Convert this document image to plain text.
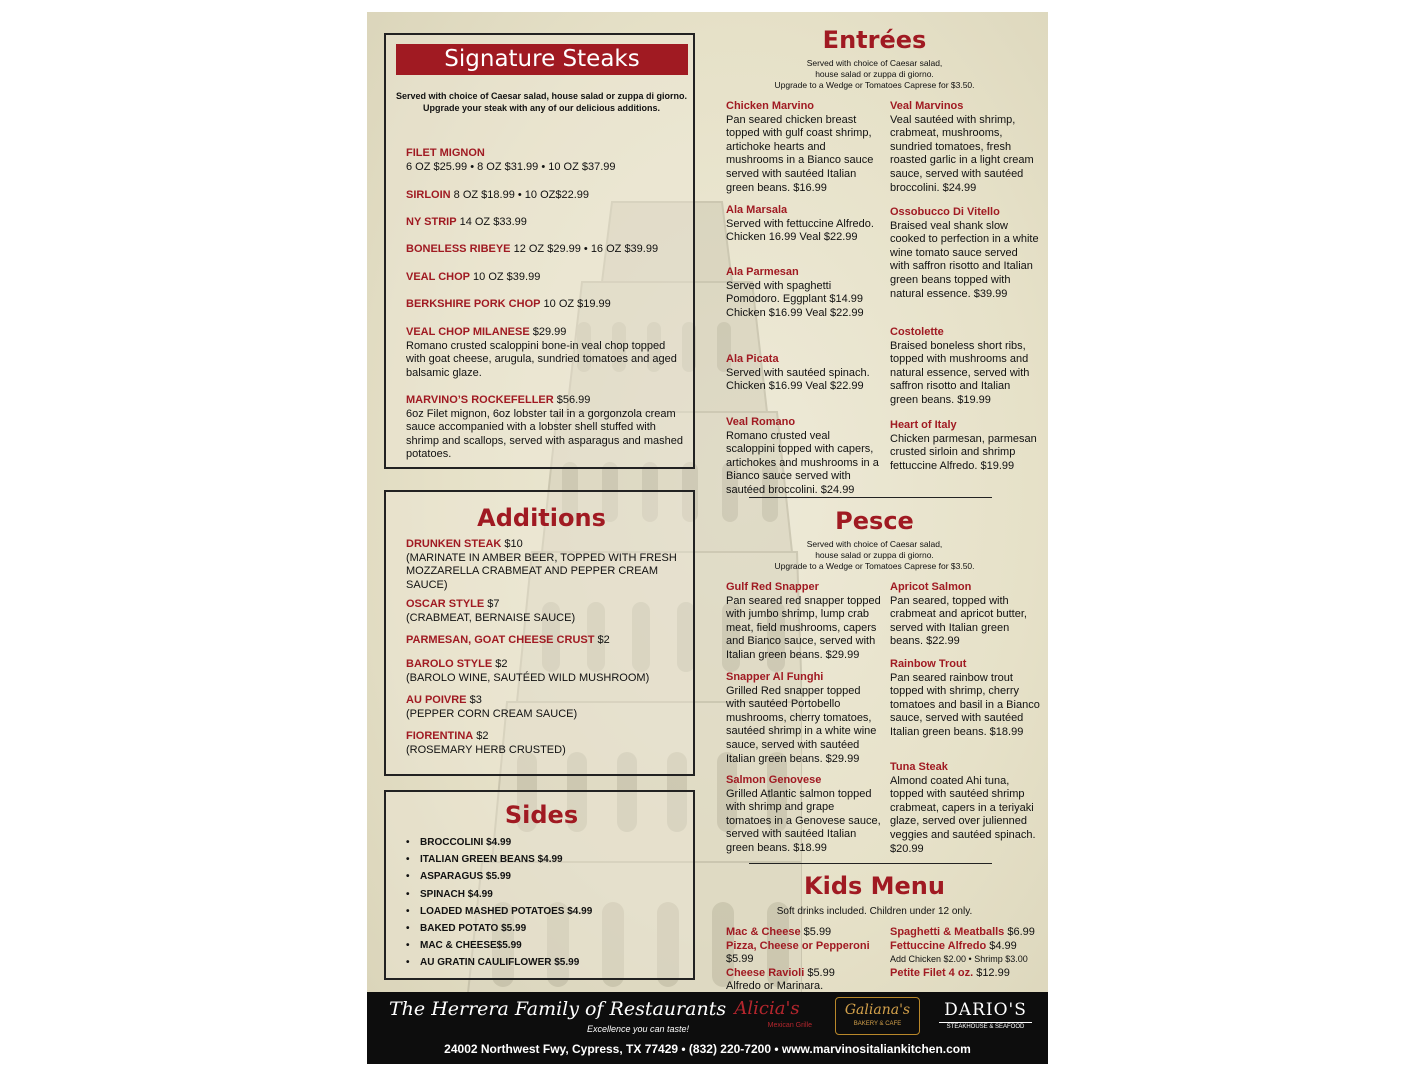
Signature Steaks
Served with choice of Caesar salad, house salad or zuppa di giorno.
Upgrade your steak with any of our delicious additions.
FILET MIGNON
6 OZ $25.99 • 8 OZ $31.99 • 10 OZ $37.99
SIRLOIN 8 OZ $18.99 • 10 OZ$22.99
NY STRIP 14 OZ $33.99
BONELESS RIBEYE 12 OZ $29.99 • 16 OZ $39.99
VEAL CHOP 10 OZ $39.99
BERKSHIRE PORK CHOP 10 OZ $19.99
VEAL CHOP MILANESE $29.99
Romano crusted scaloppini bone-in veal chop topped with goat cheese, arugula, sundried tomatoes and aged balsamic glaze.
MARVINO’S ROCKEFELLER $56.99
6oz Filet mignon, 6oz lobster tail in a gorgonzola cream sauce accompanied with a lobster shell stuffed with shrimp and scallops, served with asparagus and mashed potatoes.
Additions
DRUNKEN STEAK $10
(MARINATE IN AMBER BEER, TOPPED WITH FRESH MOZZARELLA CRABMEAT AND PEPPER CREAM SAUCE)
OSCAR STYLE $7
(CRABMEAT, BERNAISE SAUCE)
PARMESAN, GOAT CHEESE CRUST $2
BAROLO STYLE $2
(BAROLO WINE, SAUTÉED WILD MUSHROOM)
AU POIVRE $3
(PEPPER CORN CREAM SAUCE)
FIORENTINA $2
(ROSEMARY HERB CRUSTED)
Sides
• BROCCOLINI $4.99
• ITALIAN GREEN BEANS $4.99
• ASPARAGUS $5.99
• SPINACH $4.99
• LOADED MASHED POTATOES $4.99
• BAKED POTATO $5.99
• MAC & CHEESE$5.99
• AU GRATIN CAULIFLOWER $5.99
Entrées
Served with choice of Caesar salad,
house salad or zuppa di giorno.
Upgrade to a Wedge or Tomatoes Caprese for $3.50.
Chicken Marvino
Pan seared chicken breast topped with gulf coast shrimp, artichoke hearts and mushrooms in a Bianco sauce served with sautéed Italian green beans. $16.99
Ala Marsala
Served with fettuccine Alfredo. Chicken 16.99 Veal $22.99
Ala Parmesan
Served with spaghetti Pomodoro. Eggplant $14.99 Chicken $16.99 Veal $22.99
Ala Picata
Served with sautéed spinach. Chicken $16.99 Veal $22.99
Veal Romano
Romano crusted veal scaloppini topped with capers, artichokes and mushrooms in a Bianco sauce served with sautéed broccolini. $24.99
Veal Marvinos
Veal sautéed with shrimp, crabmeat, mushrooms, sundried tomatoes, fresh roasted garlic in a light cream sauce, served with sautéed broccolini. $24.99
Ossobucco Di Vitello
Braised veal shank slow cooked to perfection in a white wine tomato sauce served with saffron risotto and Italian green beans topped with natural essence. $39.99
Costolette
Braised boneless short ribs, topped with mushrooms and natural essence, served with saffron risotto and Italian green beans. $19.99
Heart of Italy
Chicken parmesan, parmesan crusted sirloin and shrimp fettuccine Alfredo. $19.99
Pesce
Served with choice of Caesar salad,
house salad or zuppa di giorno.
Upgrade to a Wedge or Tomatoes Caprese for $3.50.
Gulf Red Snapper
Pan seared red snapper topped with jumbo shrimp, lump crab meat, field mushrooms, capers and Bianco sauce, served with Italian green beans. $29.99
Snapper Al Funghi
Grilled Red snapper topped with sautéed Portobello mushrooms, cherry tomatoes, sautéed shrimp in a white wine sauce, served with sautéed Italian green beans. $29.99
Salmon Genovese
Grilled Atlantic salmon topped with shrimp and grape tomatoes in a Genovese sauce, served with sautéed Italian green beans. $18.99
Apricot Salmon
Pan seared, topped with crabmeat and apricot butter, served with Italian green beans. $22.99
Rainbow Trout
Pan seared rainbow trout topped with shrimp, cherry tomatoes and basil in a Bianco sauce, served with sautéed Italian green beans. $18.99
Tuna Steak
Almond coated Ahi tuna, topped with sautéed shrimp crabmeat, capers in a teriyaki glaze, served over julienned veggies and sautéed spinach. $20.99
Kids Menu
Soft drinks included. Children under 12 only.
Mac & Cheese $5.99
Pizza, Cheese or Pepperoni $5.99
Cheese Ravioli $5.99
Alfredo or Marinara.
Spaghetti & Meatballs $6.99
Fettuccine Alfredo $4.99
Add Chicken $2.00 • Shrimp $3.00
Petite Filet 4 oz. $12.99
The Herrera Family of Restaurants
Excellence you can taste!
Alicia's
Mexican Grille
Galiana's
BAKERY & CAFE
DARIO'S
STEAKHOUSE & SEAFOOD
24002 Northwest Fwy, Cypress, TX 77429 • (832) 220-7200 • www.marvinositaliankitchen.com
